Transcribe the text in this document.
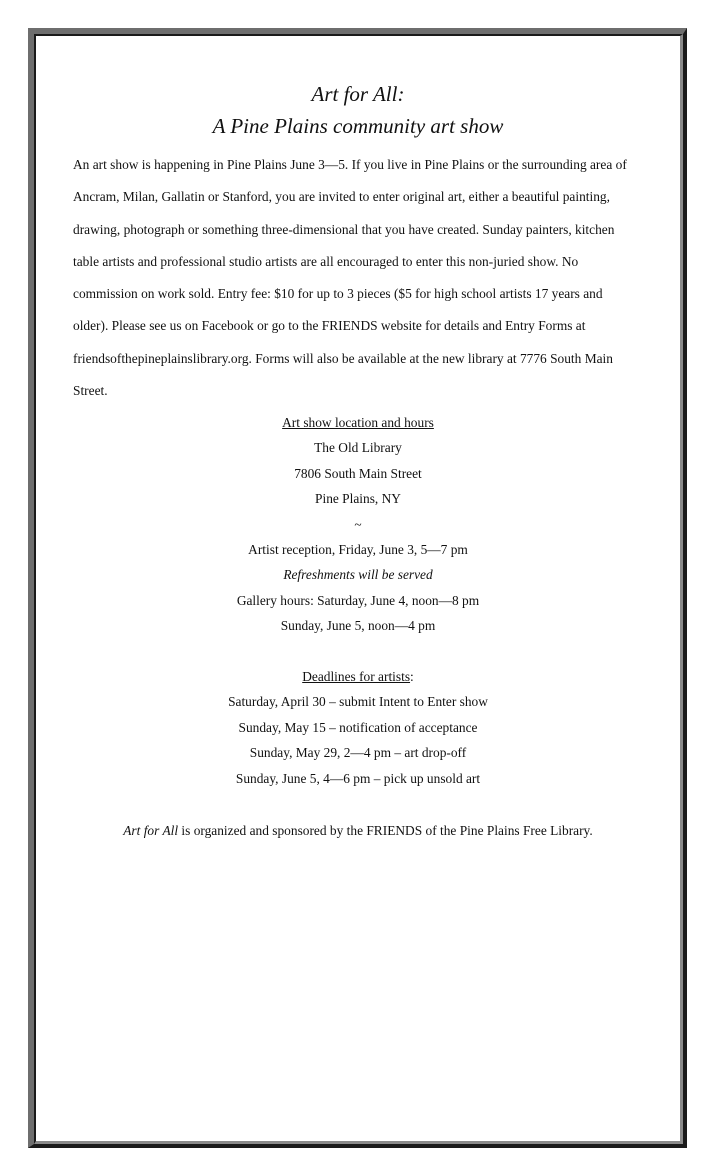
Art for All:
A Pine Plains community art show
An art show is happening in Pine Plains June 3—5. If you live in Pine Plains or the surrounding area of
Ancram, Milan, Gallatin or Stanford, you are invited to enter original art, either a beautiful painting,
drawing, photograph or something three-dimensional that you have created. Sunday painters, kitchen
table artists and professional studio artists are all encouraged to enter this non-juried show. No
commission on work sold. Entry fee: $10 for up to 3 pieces ($5 for high school artists 17 years and
older). Please see us on Facebook or go to the FRIENDS website for details and Entry Forms at
friendsofthepineplainslibrary.org. Forms will also be available at the new library at 7776 South Main
Street.
Art show location and hours
The Old Library
7806 South Main Street
Pine Plains, NY
~
Artist reception, Friday, June 3, 5—7 pm
Refreshments will be served
Gallery hours: Saturday, June 4, noon—8 pm
Sunday, June 5, noon—4 pm
Deadlines for artists:
Saturday, April 30 – submit Intent to Enter show
Sunday, May 15 – notification of acceptance
Sunday, May 29, 2—4 pm – art drop-off
Sunday, June 5, 4—6 pm – pick up unsold art
Art for All is organized and sponsored by the FRIENDS of the Pine Plains Free Library.
